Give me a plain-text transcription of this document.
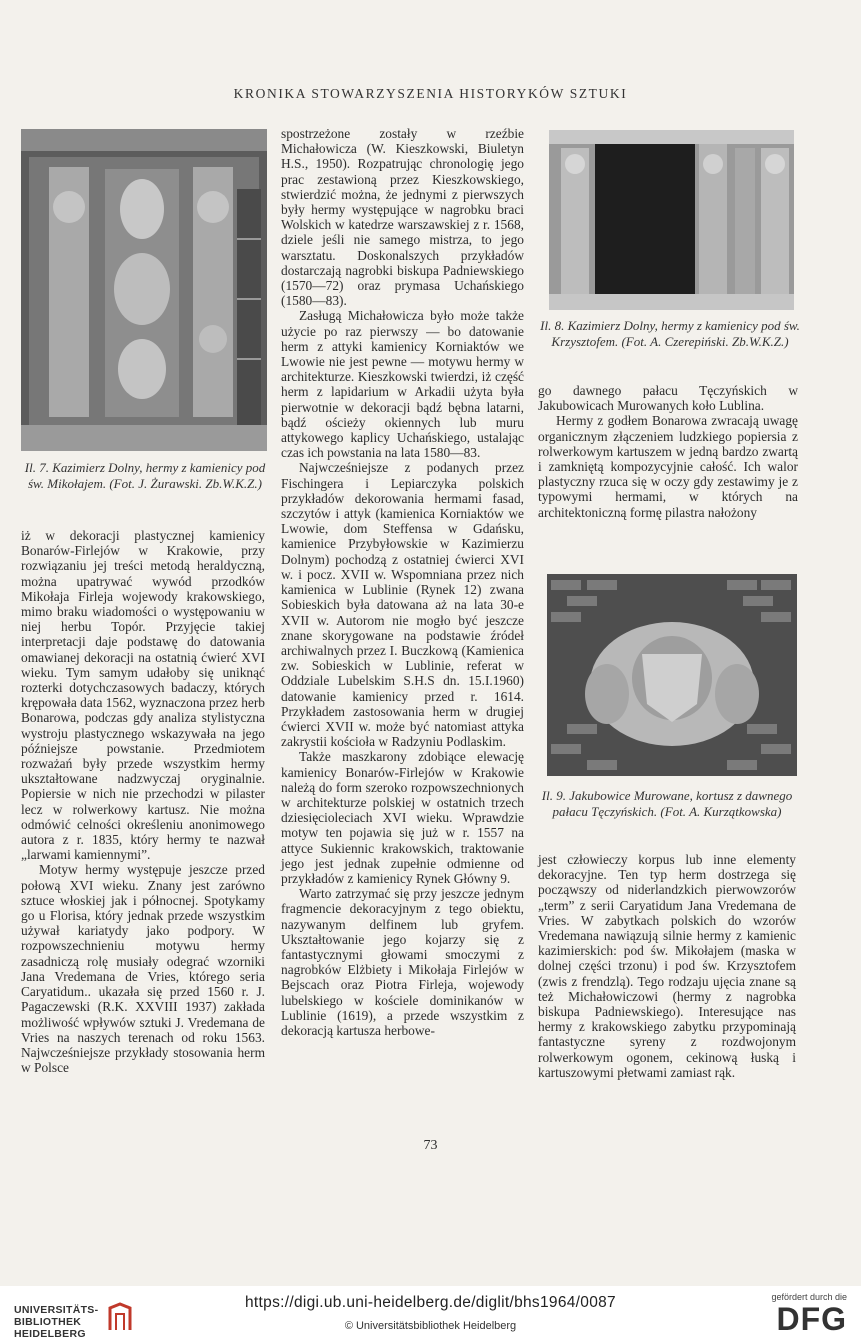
KRONIKA STOWARZYSZENIA HISTORYKÓW SZTUKI
Il. 7. Kazimierz Dolny, hermy z kamienicy pod św. Mikołajem. (Fot. J. Żurawski. Zb.W.K.Z.)
Il. 8. Kazimierz Dolny, hermy z kamienicy pod św. Krzysztofem. (Fot. A. Czerepiński. Zb.W.K.Z.)
Il. 9. Jakubowice Murowane, kortusz z dawnego pałacu Tęczyńskich. (Fot. A. Kurzątkowska)

iż w dekoracji plastycznej kamienicy Bonarów-Firlejów w Krakowie, przy rozwiązaniu jej treści metodą heraldyczną, można upatrywać wywód przodków Mikołaja Firleja wojewody krakowskiego, mimo braku wiadomości o występowaniu w niej herbu Topór. Przyjęcie takiej interpretacji daje podstawę do datowania omawianej dekoracji na ostatnią ćwierć XVI wieku. Tym samym udałoby się uniknąć rozterki dotychczasowych badaczy, których krępowała data 1562, wyznaczona przez herb Bonarowa, podczas gdy analiza stylistyczna wystroju plastycznego wskazywała na jego późniejsze powstanie. Przedmiotem rozważań były przede wszystkim hermy ukształtowane nadzwyczaj oryginalnie. Popiersie w nich nie przechodzi w pilaster lecz w rolwerkowy kartusz. Nie można odmówić celności określeniu anonimowego autora z r. 1835, który hermy te nazwał „larwami kamiennymi”.

Motyw hermy występuje jeszcze przed połową XVI wieku. Znany jest zarówno sztuce włoskiej jak i północnej. Spotykamy go u Florisa, który jednak przede wszystkim używał kariatydy jako podpory. W rozpowszechnieniu motywu hermy zasadniczą rolę musiały odegrać wzorniki Jana Vredemana de Vries, którego seria Caryatidum.. ukazała się przed 1560 r. J. Pagaczewski (R.K. XXVIII 1937) zakłada możliwość wpływów sztuki J. Vredemana de Vries na naszych terenach od roku 1563. Najwcześniejsze przykłady stosowania herm w Polsce

spostrzeżone zostały w rzeźbie Michałowicza (W. Kieszkowski, Biuletyn H.S., 1950). Rozpatrując chronologię jego prac zestawioną przez Kieszkowskiego, stwierdzić można, że jednymi z pierwszych były hermy występujące w nagrobku braci Wolskich w katedrze warszawskiej z r. 1568, dziele jeśli nie samego mistrza, to jego warsztatu. Doskonalszych przykładów dostarczają nagrobki biskupa Padniewskiego (1570—72) oraz prymasa Uchańskiego (1580—83).

Zasługą Michałowicza było może także użycie po raz pierwszy — bo datowanie herm z attyki kamienicy Korniaktów we Lwowie nie jest pewne — motywu hermy w architekturze. Kieszkowski twierdzi, iż część herm z lapidarium w Arkadii użyta była pierwotnie w dekoracji bądź bębna latarni, bądź ościeży okiennych lub muru attykowego kaplicy Uchańskiego, ustalając czas ich powstania na lata 1580—83.

Najwcześniejsze z podanych przez Fischingera i Lepiarczyka polskich przykładów dekorowania hermami fasad, szczytów i attyk (kamienica Korniaktów we Lwowie, dom Steffensa w Gdańsku, kamienice Przybyłowskie w Kazimierzu Dolnym) pochodzą z ostatniej ćwierci XVI w. i pocz. XVII w. Wspomniana przez nich kamienica w Lublinie (Rynek 12) zwana Sobieskich była datowana aż na lata 30-e XVII w. Autorom nie mogło być jeszcze znane skorygowane na podstawie źródeł archiwalnych przez I. Buczkową (Kamienica zw. Sobieskich w Lublinie, referat w Oddziale Lubelskim S.H.S dn. 15.I.1960) datowanie kamienicy przed r. 1614. Przykładem zastosowania herm w drugiej ćwierci XVII w. może być natomiast attyka zakrystii kościoła w Radzyniu Podlaskim.

Także maszkarony zdobiące elewację kamienicy Bonarów-Firlejów w Krakowie należą do form szeroko rozpowszechnionych w architekturze polskiej w ostatnich trzech dziesięcioleciach XVI wieku. Wprawdzie motyw ten pojawia się już w r. 1557 na attyce Sukiennic krakowskich, traktowanie jego jest jednak zupełnie odmienne od przykładów z kamienicy Rynek Główny 9.

Warto zatrzymać się przy jeszcze jednym fragmencie dekoracyjnym z tego obiektu, nazywanym delfinem lub gryfem. Ukształtowanie jego kojarzy się z fantastycznymi głowami smoczymi z nagrobków Elżbiety i Mikołaja Firlejów w Bejscach oraz Piotra Firleja, wojewody lubelskiego w kościele dominikanów w Lublinie (1619), a przede wszystkim z dekoracją kartusza herbowe-

go dawnego pałacu Tęczyńskich w Jakubowicach Murowanych koło Lublina.

Hermy z godłem Bonarowa zwracają uwagę organicznym złączeniem ludzkiego popiersia z rolwerkowym kartuszem w jedną bardzo zwartą i zamkniętą kompozycyjnie całość. Ich walor plastyczny rzuca się w oczy gdy zestawimy je z typowymi hermami, w których na architektoniczną formę pilastra nałożony

jest człowieczy korpus lub inne elementy dekoracyjne. Ten typ herm dostrzega się począwszy od niderlandzkich pierwowzorów „term” z serii Caryatidum Jana Vredemana de Vries. W zabytkach polskich do wzorów Vredemana nawiązują silnie hermy z kamienic kazimierskich: pod św. Mikołajem (maska w dolnej części trzonu) i pod św. Krzysztofem (zwis z frendzlą). Tego rodzaju ujęcia znane są też Michałowiczowi (hermy z nagrobka biskupa Padniewskiego). Interesujące nas hermy z krakowskiego zabytku przypominają fantastyczne syreny z rozdwojonym rolwerkowym ogonem, cekinową łuską i kartuszowymi płetwami zamiast rąk.

73
UNIVERSITÄTS-
BIBLIOTHEK
HEIDELBERG
https://digi.ub.uni-heidelberg.de/diglit/bhs1964/0087
© Universitätsbibliothek Heidelberg
gefördert durch die
DFG
